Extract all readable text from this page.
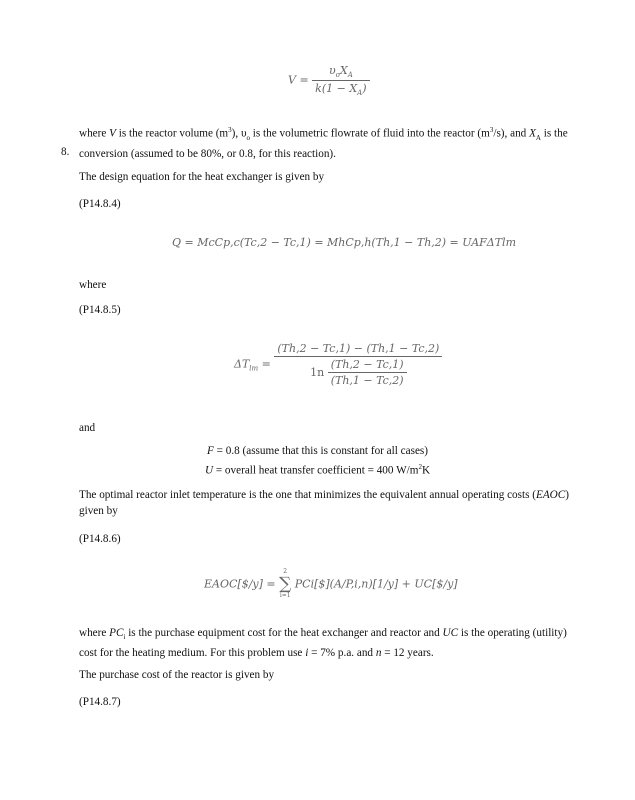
$V = \frac{\upsilon_oX_A}{k(1 - X_A)}$
8.
where V is the reactor volume $(m^3)$, $\upsilon_o$ is the volumetric flowrate of fluid into the reactor $(m^3/s)$, and $X_A$ is the conversion (assumed to be 80%, or 0.8, for this reaction).
The design equation for the heat exchanger is given by
(P14.8.4)
Q = McCp,c(Tc,2 − Tc,1) = MhCp,h(Th,1 − Th,2) = UAFΔTlm
where
(P14.8.5)
$\Delta T_{lm} = \frac{(Th,2 - Tc,1) - (Th,1 - Tc,2)}{1n \frac{(Th,2 - Tc,1)}{(Th,1 - Tc,2)}}$
and
F = 0.8 (assume that this is constant for all cases)
U = overall heat transfer coefficient = 400 $W/m^2K$
The optimal reactor inlet temperature is the one that minimizes the equivalent annual operating costs (EAOC) given by
(P14.8.6)
EAOC[$/y] =
2
∑
i=1
PCi[$](A/P,i,n)[1/y] + UC[$/y]
where $PC_i$ is the purchase equipment cost for the heat exchanger and reactor and UC is the operating (utility) cost for the heating medium. For this problem use i = 7% p.a. and n = 12 years.
The purchase cost of the reactor is given by
(P14.8.7)
